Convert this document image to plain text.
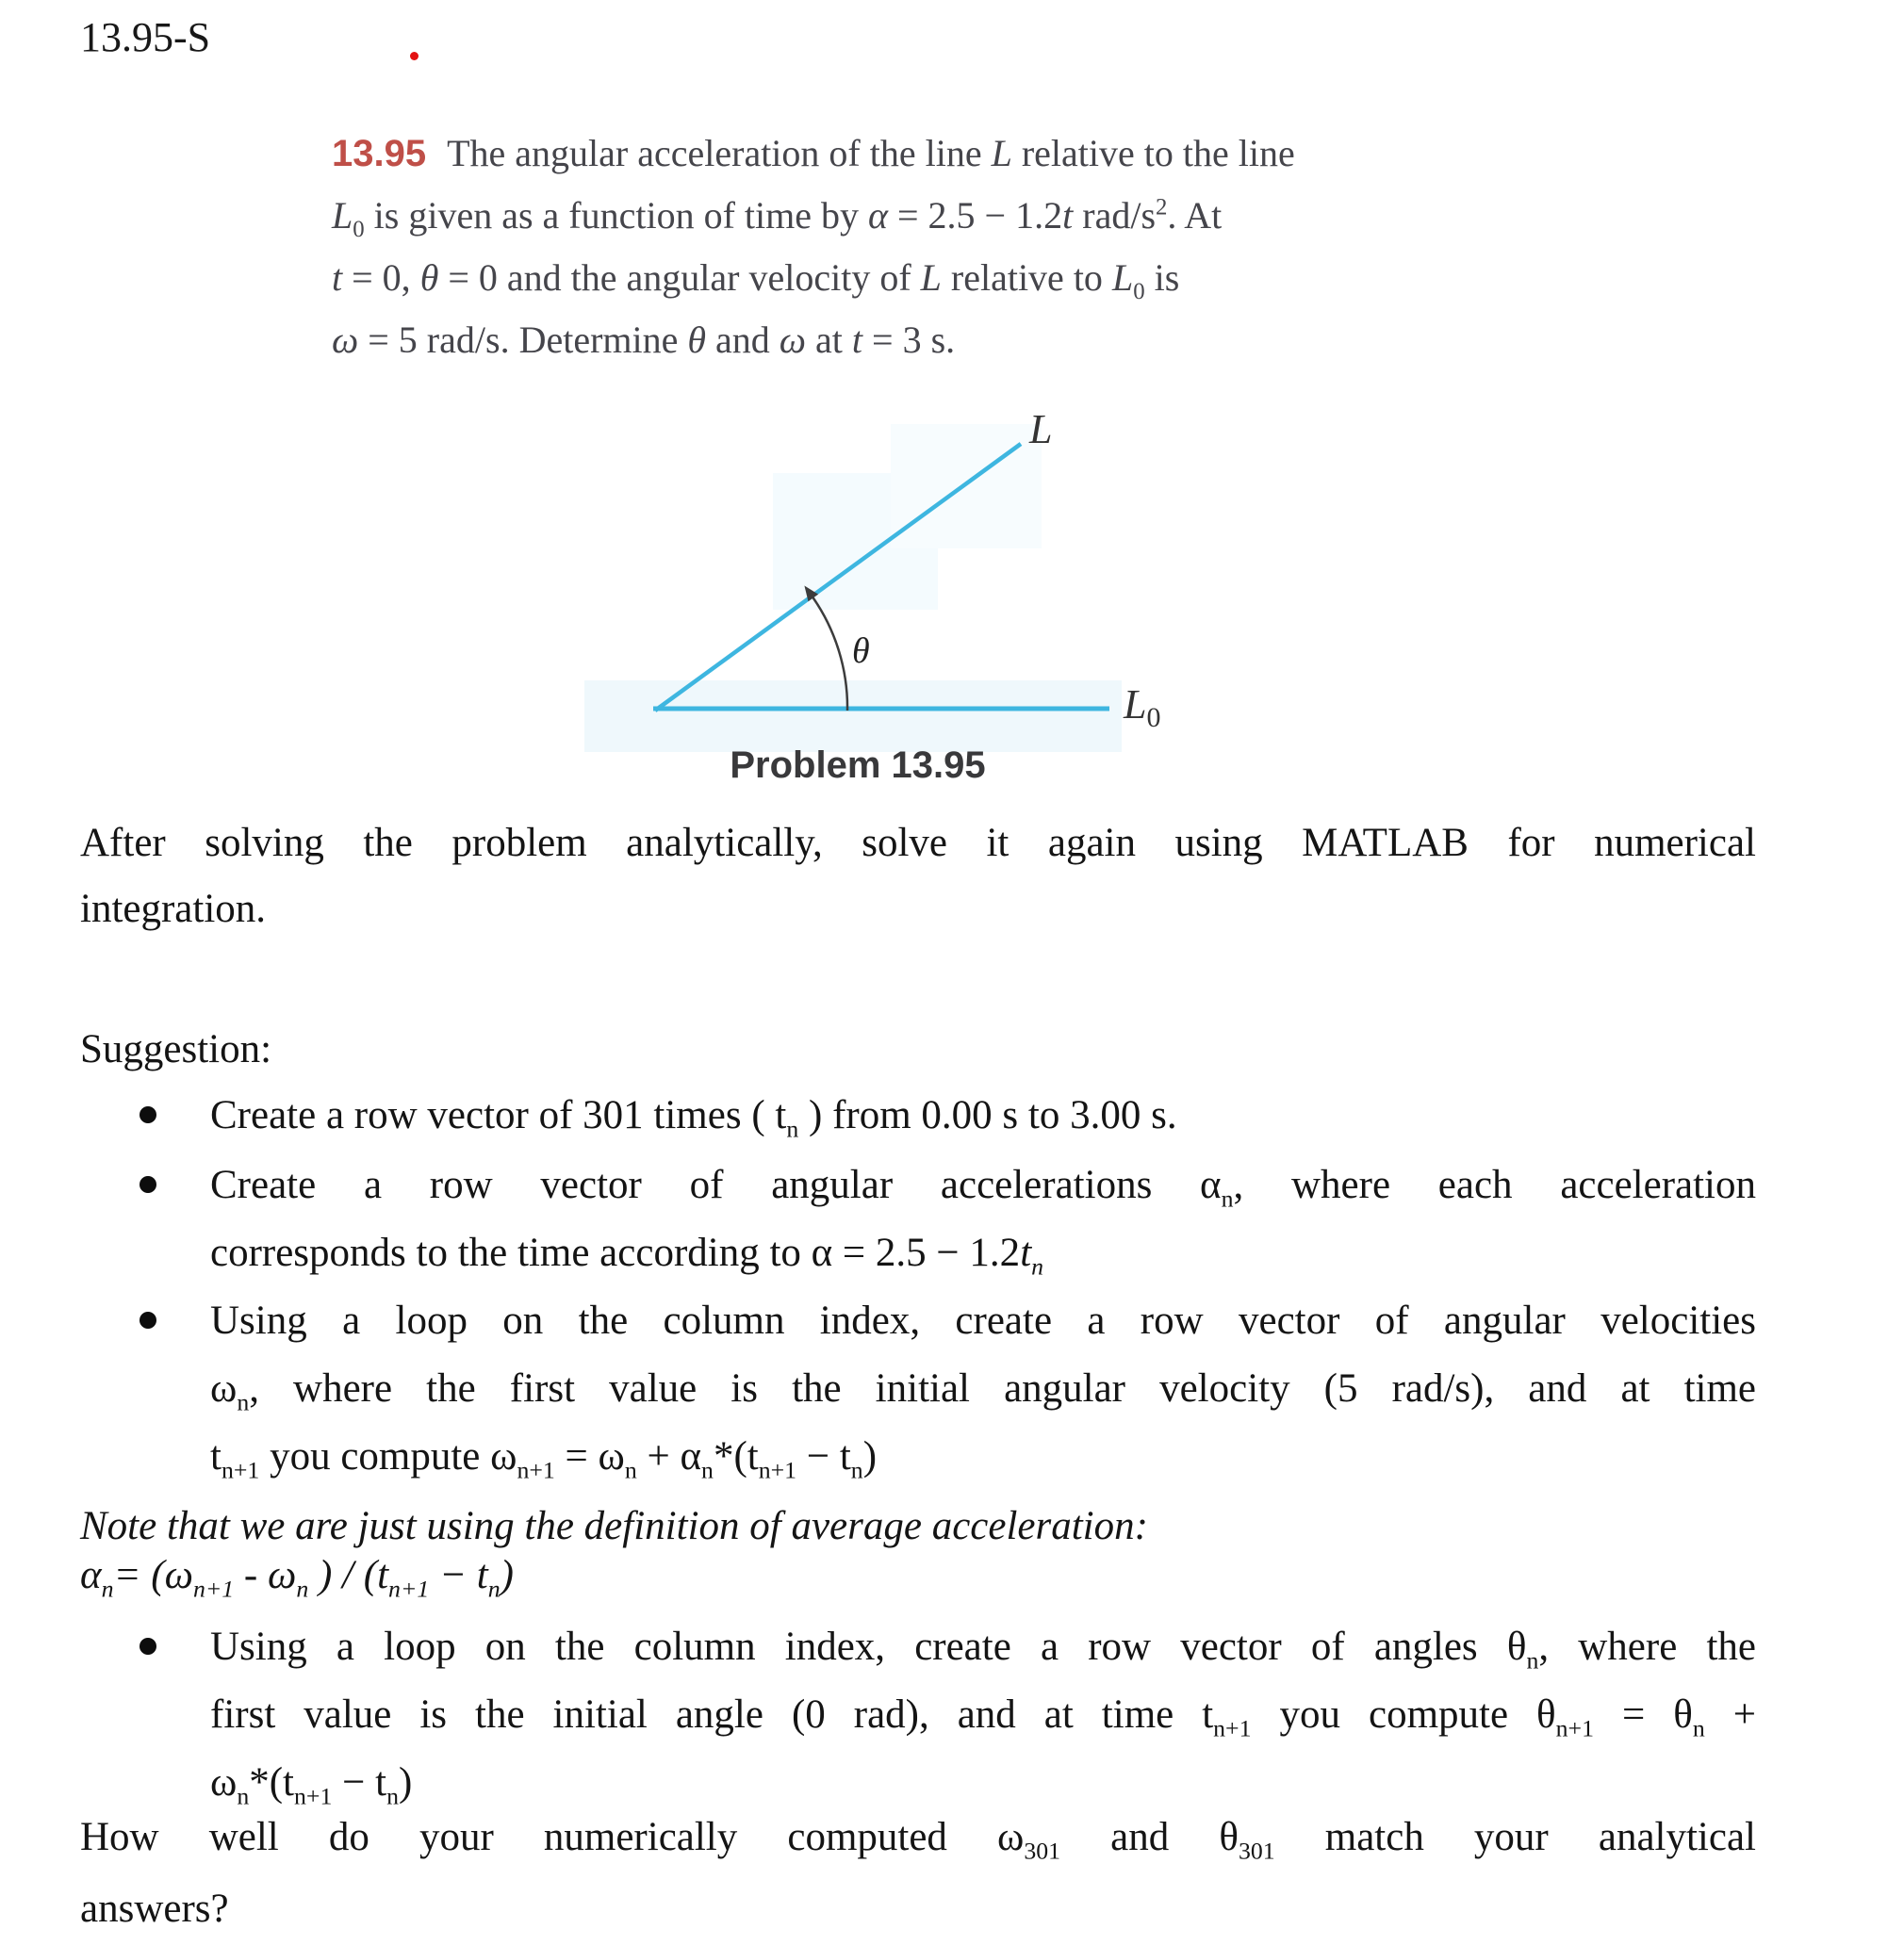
13.95-S
13.95 The angular acceleration of the line L relative to the line
$L_0$ is given as a function of time by α = 2.5 − 1.2t rad/$s^2$. At
t = 0, θ = 0 and the angular velocity of L relative to $L_0$ is
ω = 5 rad/s. Determine θ and ω at t = 3 s.
L
$L_0$
θ
Problem 13.95
After solving the problem analytically, solve it again using MATLAB for numerical
integration.
Suggestion:
Create a row vector of 301 times ( $t_n$ ) from 0.00 s to 3.00 s.
Create a row vector of angular accelerations $\alpha_n$, where each acceleration
corresponds to the time according to $\alpha = 2.5 - 1.2t_n$
Using a loop on the column index, create a row vector of angular velocities
$\omega_n$, where the first value is the initial angular velocity (5 rad/s), and at time
$t_{n+1}$ you compute $\omega_{n+1} = \omega_n + \alpha_n*(t_{n+1} - t_n)$
Note that we are just using the definition of average acceleration:
$\alpha_n= (\omega_{n+1} - \omega_n$ ) / $(t_{n+1} - t_n)$
Using a loop on the column index, create a row vector of angles $\theta_n$, where the
first value is the initial angle (0 rad), and at time $t_{n+1}$ you compute $\theta_{n+1} = \theta_n$ +
$\omega_n*(t_{n+1} - t_n)$
How well do your numerically computed $\omega_{301}$ and $\theta_{301}$ match your analytical
answers?
